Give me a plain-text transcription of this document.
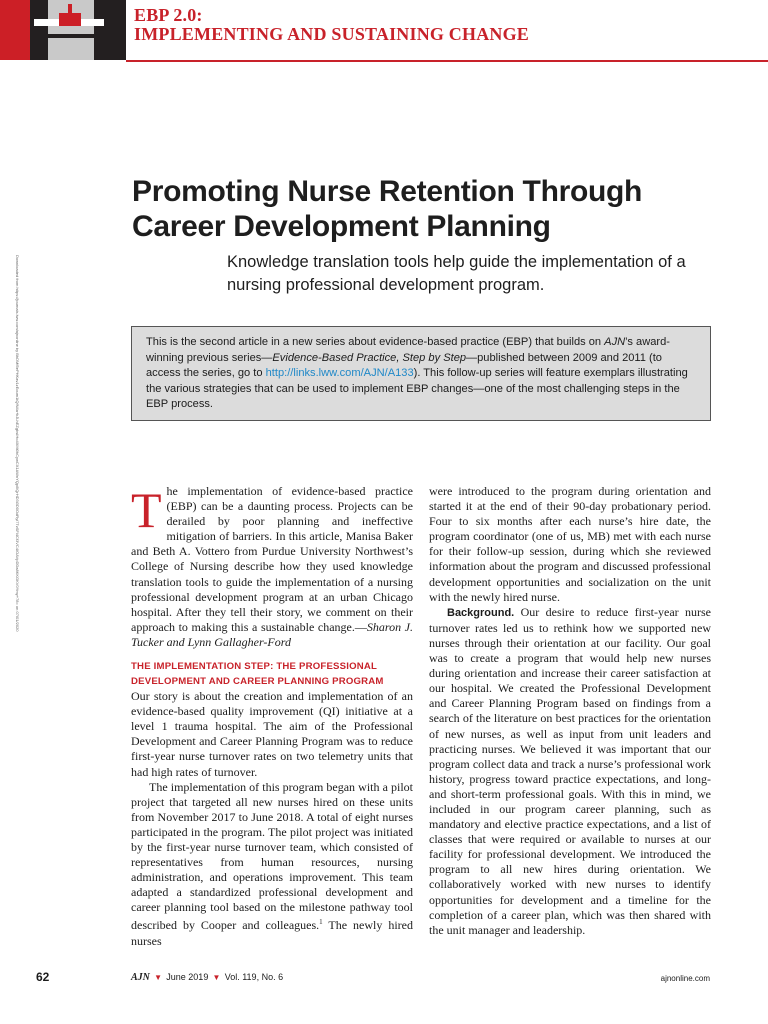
EBP 2.0:
IMPLEMENTING AND SUSTAINING CHANGE
Downloaded from https://journals.lww.com/ajnonline by BhDMf5ePHKav1zEoum1tQfN4a+kJLhEZgbsIHo4XMi0hCywCX1AWnYQp/IlQrHD3i3D0OdRyi7TvSFl4Cf3VC4/OAVpDDa8KKGKV0Ymy+78= on 07/01/2020
Promoting Nurse Retention Through Career Development Planning

Knowledge translation tools help guide the implementation of a nursing professional development program.

This is the second article in a new series about evidence-based practice (EBP) that builds on AJN’s award-winning previous series—Evidence-Based Practice, Step by Step—published between 2009 and 2011 (to access the series, go to http://links.lww.com/AJN/A133). This follow-up series will feature exemplars illustrating the various strategies that can be used to implement EBP changes—one of the most challenging steps in the EBP process.

The implementation of evidence-based practice (EBP) can be a daunting process. Projects can be derailed by poor planning and ineffective mitigation of barriers. In this article, Manisa Baker and Beth A. Vottero from Purdue University Northwest’s College of Nursing describe how they used knowledge translation tools to guide the implementation of a nursing professional development program at an urban Chicago hospital. After they tell their story, we comment on their approach to making this a sustainable change.—Sharon J. Tucker and Lynn Gallagher-Ford

THE IMPLEMENTATION STEP: THE PROFESSIONAL
DEVELOPMENT AND CAREER PLANNING PROGRAM

Our story is about the creation and implementation of an evidence-based quality improvement (QI) initiative at a level 1 trauma hospital. The aim of the Professional Development and Career Planning Program was to reduce first-year nurse turnover rates on two telemetry units that had high rates of turnover.

The implementation of this program began with a pilot project that targeted all new nurses hired on these units from November 2017 to June 2018. A total of eight nurses participated in the program. The pilot project was initiated by the first-year nurse turnover team, which consisted of representatives from human resources, nursing administration, and operations improvement. This team adapted a standardized professional development and career planning tool based on the milestone pathway tool described by Cooper and colleagues.$^1$ The newly hired nurses

were introduced to the program during orientation and started it at the end of their 90-day probationary period. Four to six months after each nurse’s hire date, the program coordinator (one of us, MB) met with each nurse for their follow-up session, during which she reviewed information about the program and discussed professional development opportunities and socialization on the unit with the newly hired nurse.

Background. Our desire to reduce first-year nurse turnover rates led us to rethink how we supported new nurses through their orientation at our facility. Our goal was to create a program that would help new nurses during orientation and increase their career satisfaction at our hospital. We created the Professional Development and Career Planning Program based on findings from a search of the literature on best practices for the orientation of new nurses, as well as input from unit leaders and practicing nurses. We believed it was important that our program collect data and track a nurse’s professional work history, progress toward practice expectations, and long- and short-term professional goals. With this in mind, we included in our program career planning, such as mandatory and elective practice expectations, and a list of classes that were required or available to nurses at our facility for professional development. We introduced the program to all new hires during orientation. We collaboratively worked with new nurses to identify opportunities for development and a timeline for the completion of a career plan, which was then shared with the unit manager and leadership.

62	AJN ▼ June 2019 ▼ Vol. 119, No. 6	ajnonline.com
